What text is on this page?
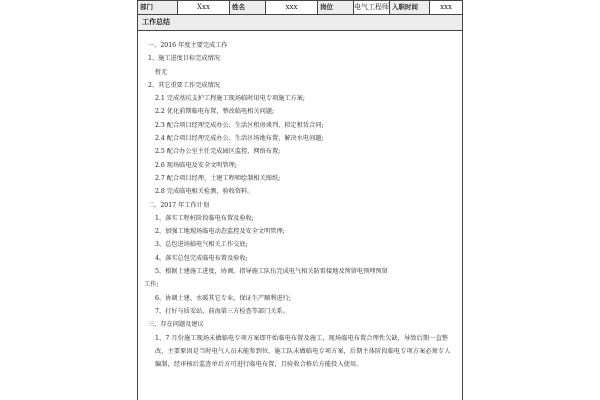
部门	Xxx	姓名	xxx	岗位	电气工程师 入职时间	xxx
工作总结
一、2016 年度主要完成工作
1、施工进度目标完成情况
暂无
2、其它重要工作完成情况
2.1 完成基坑支护工程施工现场临时用电专项施工方案;
2.2 优化前期临电布置，整改临电相关问题;
2.3 配合项目经理完成办公、生活区租房谈判、拟定租赁合同;
2.4 配合项目经理完成办公、生活区场地布置，解决水电问题;
2.5 配合办公室主任完成园区监控、网络布置;
2.6 现场临电及安全文明管理;
2.7 配合项目经理、土建工程师绘制相关图纸;
2.8 完成临电相关检测、验收资料。
二、2017 年工作计划
1、落实工程桩阶段临电布置及验收;
2、加强工地现场临电动态监控及安全文明管理;
3、总包进场临电气相关工作交底;
4、落实总包完成临电布置及验收;
5、根据土建施工进度，协调，指导施工队伍完成电气相关防雷接地及预留电预埋预留
工作;
6、协调土建、水暖其它专业，保证生产顺利进行;
7、打好与质安站、前海第三方检查等部门关系。
三、存在问题及建议
1、7 月份施工现场未做临电专项方案即开始临电布置及施工，现场临电布置合理性欠缺，导致后期一直整改，主要原因是当时电气人员未能参到位，施工队未做临电专项方案，后期主体阶段临电专项方案必须专人编制，经审核后监查单后方可进行临电布置，且验收合格后方能投入使用。
